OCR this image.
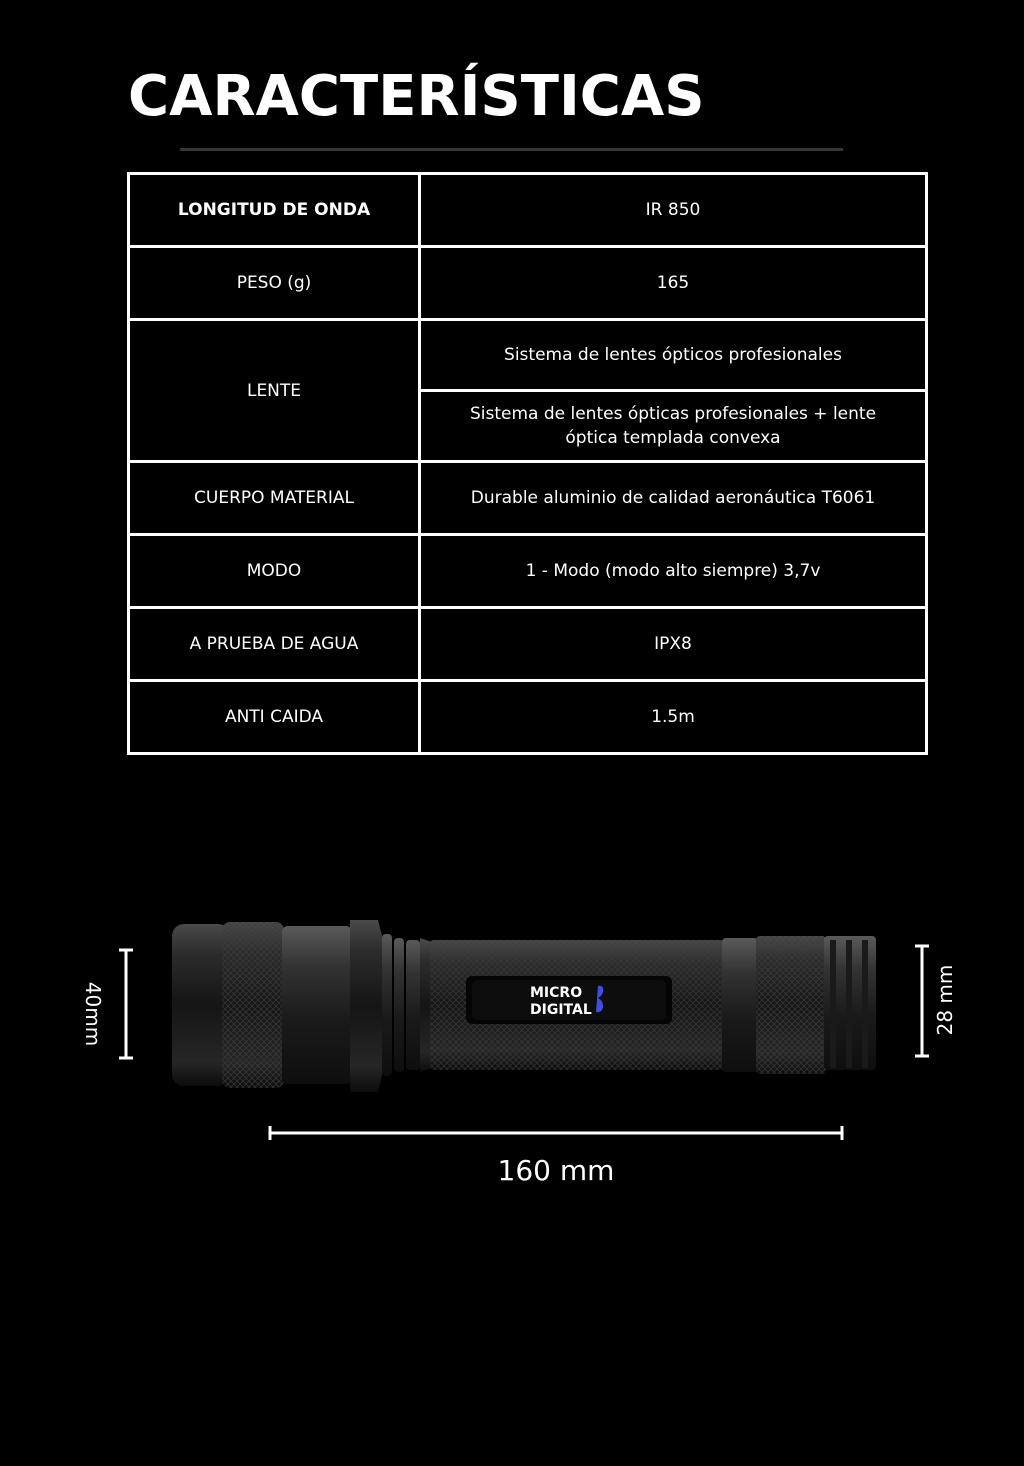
CARACTERÍSTICAS
LONGITUD DE ONDA	IR 850
PESO (g)	165
LENTE	Sistema de lentes ópticos profesionales
	Sistema de lentes ópticas profesionales + lente óptica templada convexa
CUERPO MATERIAL	Durable aluminio de calidad aeronáutica T6061
MODO	1 - Modo (modo alto siempre) 3,7v
A PRUEBA DE AGUA	IPX8
ANTI CAIDA	1.5m
MICRO
DIGITAL
40mm	28 mm
160 mm
